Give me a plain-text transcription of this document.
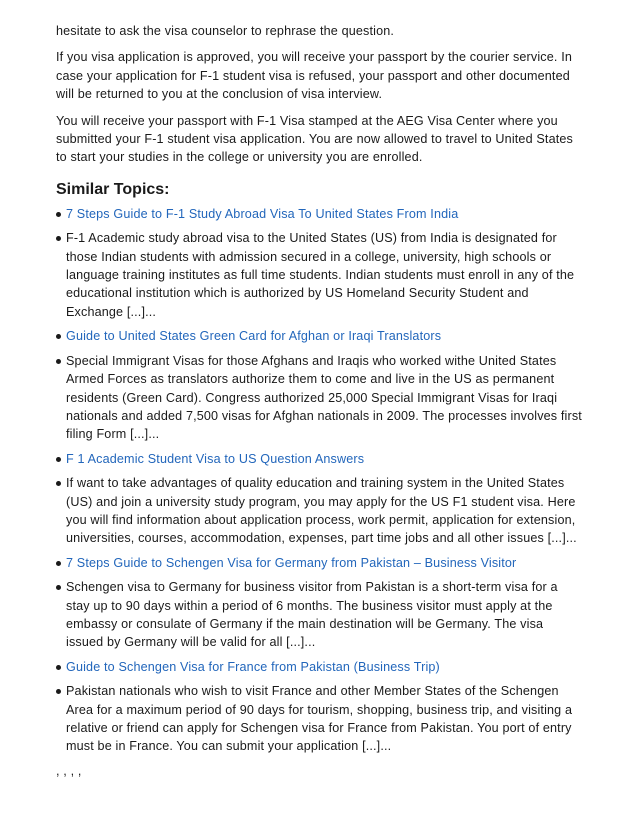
hesitate to ask the visa counselor to rephrase the question.

If you visa application is approved, you will receive your passport by the courier service. In case your application for F-1 student visa is refused, your passport and other documented will be returned to you at the conclusion of visa interview.

You will receive your passport with F-1 Visa stamped at the AEG Visa Center where you submitted your F-1 student visa application. You are now allowed to travel to United States to start your studies in the college or university you are enrolled.

Similar Topics:

7 Steps Guide to F-1 Study Abroad Visa To United States From India

F-1 Academic study abroad visa to the United States (US) from India is designated for those Indian students with admission secured in a college, university, high schools or language training institutes as full time students. Indian students must enroll in any of the educational institution which is authorized by US Homeland Security Student and Exchange [...]...

Guide to United States Green Card for Afghan or Iraqi Translators

Special Immigrant Visas for those Afghans and Iraqis who worked withe United States Armed Forces as translators authorize them to come and live in the US as permanent residents (Green Card). Congress authorized 25,000 Special Immigrant Visas for Iraqi nationals and added 7,500 visas for Afghan nationals in 2009. The processes involves first filing Form [...]...

F 1 Academic Student Visa to US Question Answers

If want to take advantages of quality education and training system in the United States (US) and join a university study program, you may apply for the US F1 student visa. Here you will find information about application process, work permit, application for extension, universities, courses, accommodation, expenses, part time jobs and all other issues [...]...

7 Steps Guide to Schengen Visa for Germany from Pakistan – Business Visitor

Schengen visa to Germany for business visitor from Pakistan is a short-term visa for a stay up to 90 days within a period of 6 months. The business visitor must apply at the embassy or consulate of Germany if the main destination will be Germany. The visa issued by Germany will be valid for all [...]...

Guide to Schengen Visa for France from Pakistan (Business Trip)

Pakistan nationals who wish to visit France and other Member States of the Schengen Area for a maximum period of 90 days for tourism, shopping, business trip, and visiting a relative or friend can apply for Schengen visa for France from Pakistan. You port of entry must be in France. You can submit your application [...]...

, , , ,
